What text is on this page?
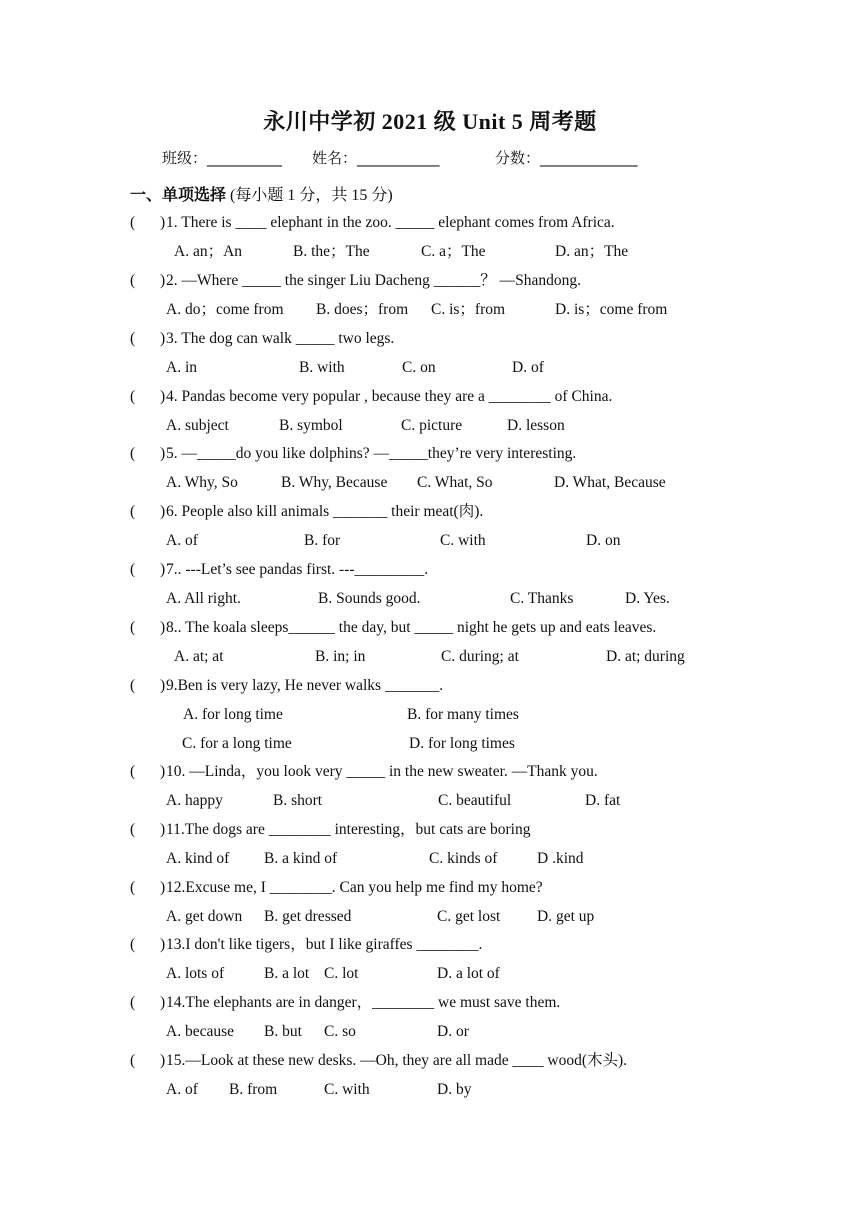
永川中学初 2021 级 Unit 5 周考题
班级：__________ 姓名：___________	分数：_____________
一、单项选择 (每小题 1 分，共 15 分)
( ) 1. There is ____ elephant in the zoo. _____ elephant comes from Africa.
A. an；An	B. the；The	C. a；The	D. an；The
( ) 2. —Where _____ the singer Liu Dacheng ______？ —Shandong.
A. do；come from B. does；from C. is；from	D. is；come from
( ) 3. The dog can walk _____ two legs.
A. in	B. with	C. on	D. of
( ) 4. Pandas become very popular , because they are a ________ of China.
A. subject	B. symbol	C. picture	D. lesson
( ) 5. —_____do you like dolphins? —_____they’re very interesting.
A. Why, So	B. Why, Because C. What, So	D. What, Because
( ) 6. People also kill animals _______ their meat(肉).
A. of	B. for	C. with	D. on
( ) 7.. ---Let’s see pandas first. ---_________.
A. All right.	B. Sounds good.	C. Thanks	D. Yes.
( ) 8.. The koala sleeps______ the day, but _____ night he gets up and eats leaves.
A. at; at	B. in; in	C. during; at	D. at; during
( ) 9.Ben is very lazy, He never walks _______.
A. for long time	B. for many times
C. for a long time	D. for long times
( ) 10. —Linda，you look very _____ in the new sweater. —Thank you.
A. happy	B. short	C. beautiful	D. fat
( ) 11.The dogs are ________ interesting，but cats are boring
A. kind of B. a kind of	C. kinds of	D .kind
( ) 12.Excuse me, I ________. Can you help me find my home?
A. get down B. get dressed	C. get lost D. get up
( ) 13.I don't like tigers，but I like giraffes ________.
A. lots of	B. a lot C. lot	D. a lot of
( ) 14.The elephants are in danger，________ we must save them.
A. because B. but C. so	D. or
( ) 15.—Look at these new desks. —Oh, they are all made ____ wood(木头).
A. of B. from	C. with	D. by
